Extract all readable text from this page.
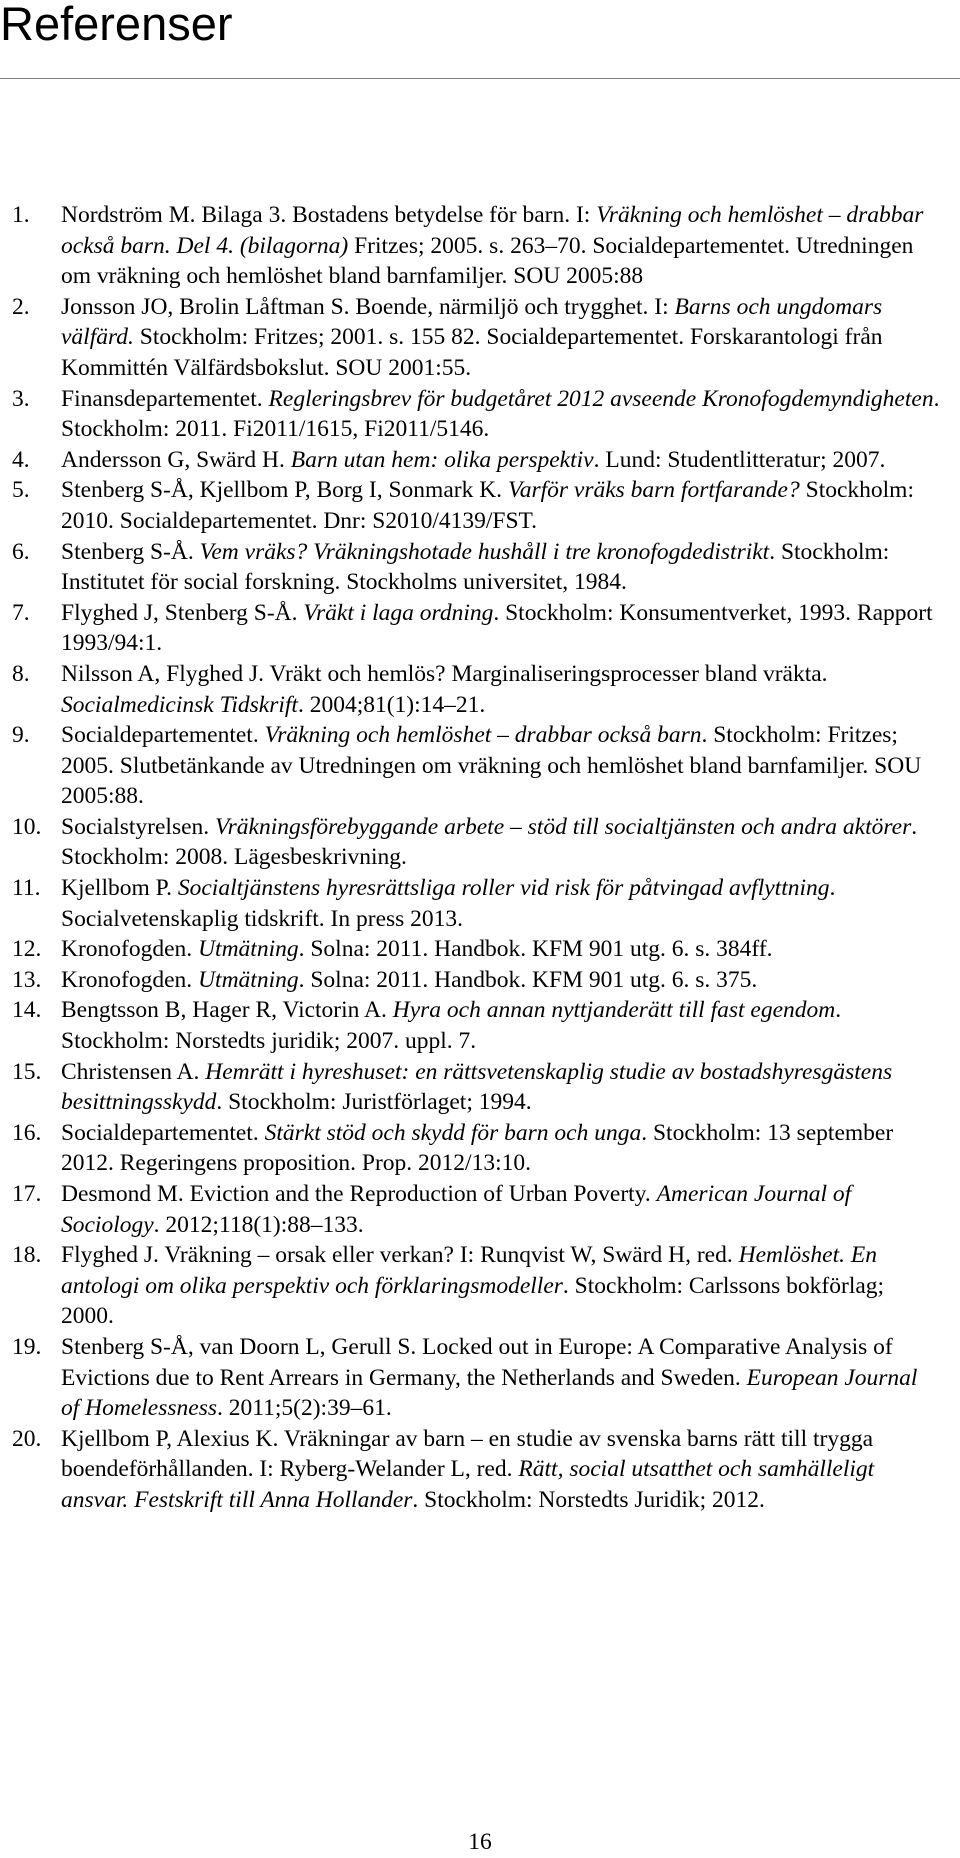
Referenser
1. Nordström M. Bilaga 3. Bostadens betydelse för barn. I: Vräkning och hemlöshet – drabbar också barn. Del 4. (bilagorna) Fritzes; 2005. s. 263–70. Socialdepartementet. Utredningen om vräkning och hemlöshet bland barnfamiljer. SOU 2005:88
2. Jonsson JO, Brolin Låftman S. Boende, närmiljö och trygghet. I: Barns och ungdomars välfärd. Stockholm: Fritzes; 2001. s. 155 82. Socialdepartementet. Forskarantologi från Kommittén Välfärdsbokslut. SOU 2001:55.
3. Finansdepartementet. Regleringsbrev för budgetåret 2012 avseende Kronofogdemyndigheten. Stockholm: 2011. Fi2011/1615, Fi2011/5146.
4. Andersson G, Swärd H. Barn utan hem: olika perspektiv. Lund: Studentlitteratur; 2007.
5. Stenberg S-Å, Kjellbom P, Borg I, Sonmark K. Varför vräks barn fortfarande? Stockholm: 2010. Socialdepartementet. Dnr: S2010/4139/FST.
6. Stenberg S-Å. Vem vräks? Vräkningshotade hushåll i tre kronofogdedistrikt. Stockholm: Institutet för social forskning. Stockholms universitet, 1984.
7. Flyghed J, Stenberg S-Å. Vräkt i laga ordning. Stockholm: Konsumentverket, 1993. Rapport 1993/94:1.
8. Nilsson A, Flyghed J. Vräkt och hemlös? Marginaliseringsprocesser bland vräkta. Socialmedicinsk Tidskrift. 2004;81(1):14–21.
9. Socialdepartementet. Vräkning och hemlöshet – drabbar också barn. Stockholm: Fritzes; 2005. Slutbetänkande av Utredningen om vräkning och hemlöshet bland barnfamiljer. SOU 2005:88.
10. Socialstyrelsen. Vräkningsförebyggande arbete – stöd till socialtjänsten och andra aktörer. Stockholm: 2008. Lägesbeskrivning.
11. Kjellbom P. Socialtjänstens hyresrättsliga roller vid risk för påtvingad avflyttning. Socialvetenskaplig tidskrift. In press 2013.
12. Kronofogden. Utmätning. Solna: 2011. Handbok. KFM 901 utg. 6. s. 384ff.
13. Kronofogden. Utmätning. Solna: 2011. Handbok. KFM 901 utg. 6. s. 375.
14. Bengtsson B, Hager R, Victorin A. Hyra och annan nyttjanderätt till fast egendom. Stockholm: Norstedts juridik; 2007. uppl. 7.
15. Christensen A. Hemrätt i hyreshuset: en rättsvetenskaplig studie av bostadshyresgästens besittningsskydd. Stockholm: Juristförlaget; 1994.
16. Socialdepartementet. Stärkt stöd och skydd för barn och unga. Stockholm: 13 september 2012. Regeringens proposition. Prop. 2012/13:10.
17. Desmond M. Eviction and the Reproduction of Urban Poverty. American Journal of Sociology. 2012;118(1):88–133.
18. Flyghed J. Vräkning – orsak eller verkan? I: Runqvist W, Swärd H, red. Hemlöshet. En antologi om olika perspektiv och förklaringsmodeller. Stockholm: Carlssons bokförlag; 2000.
19. Stenberg S-Å, van Doorn L, Gerull S. Locked out in Europe: A Comparative Analysis of Evictions due to Rent Arrears in Germany, the Netherlands and Sweden. European Journal of Homelessness. 2011;5(2):39–61.
20. Kjellbom P, Alexius K. Vräkningar av barn – en studie av svenska barns rätt till trygga boendeförhållanden. I: Ryberg-Welander L, red. Rätt, social utsatthet och samhälleligt ansvar. Festskrift till Anna Hollander. Stockholm: Norstedts Juridik; 2012.
16
